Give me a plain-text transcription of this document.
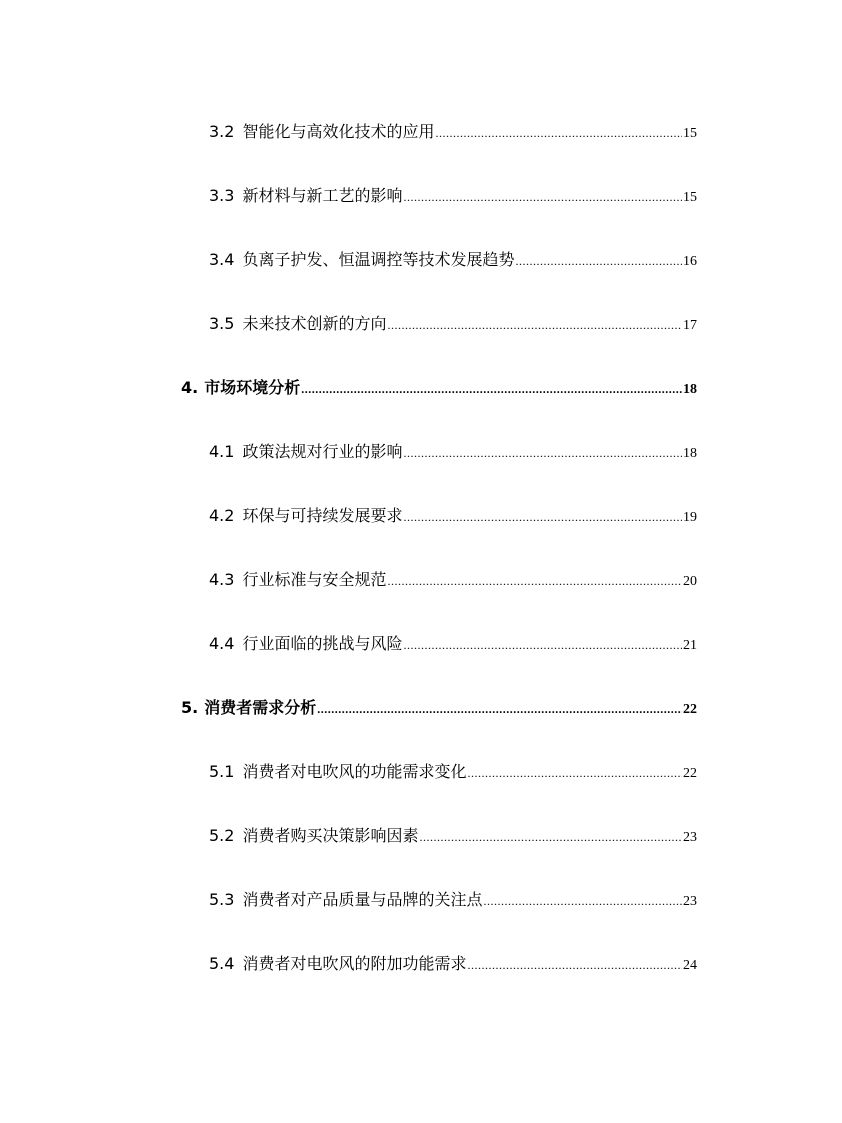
3.2 智能化与高效化技术的应用 .....	15
3.3 新材料与新工艺的影响 .....	15
3.4 负离子护发、恒温调控等技术发展趋势 .....	16
3.5 未来技术创新的方向 .....	17
4. 市场环境分析 .....	18
4.1 政策法规对行业的影响 .....	18
4.2 环保与可持续发展要求 .....	19
4.3 行业标准与安全规范 .....	20
4.4 行业面临的挑战与风险 .....	21
5. 消费者需求分析 .....	22
5.1 消费者对电吹风的功能需求变化 .....	22
5.2 消费者购买决策影响因素 .....	23
5.3 消费者对产品质量与品牌的关注点 .....	23
5.4 消费者对电吹风的附加功能需求 .....	24
